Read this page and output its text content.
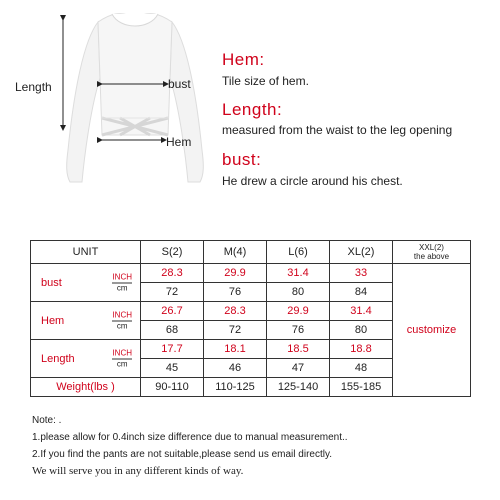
Length	bust
Hem
Hem:
Tile size of hem.
Length:
measured from the waist to the leg opening
bust:
He drew a circle around his chest.
UNIT	S(2)	M(4)	L(6)	XL(2)	XXL(2)
the above

bust INCH
cm	28.3	29.9	31.4	33	customize
	72	76	80	84	

Hem INCH
cm	26.7	28.3	29.9	31.4	
	68	72	76	80	

Length INCH
cm	17.7	18.1	18.5	18.8	
	45	46	47	48	
Weight(lbs )	90-110	110-125	125-140	155-185	
Note: .
1.please allow for 0.4inch size difference due to manual measurement..
2.If you find the pants are not suitable,please send us email directly.
We will serve you in any different kinds of way.
